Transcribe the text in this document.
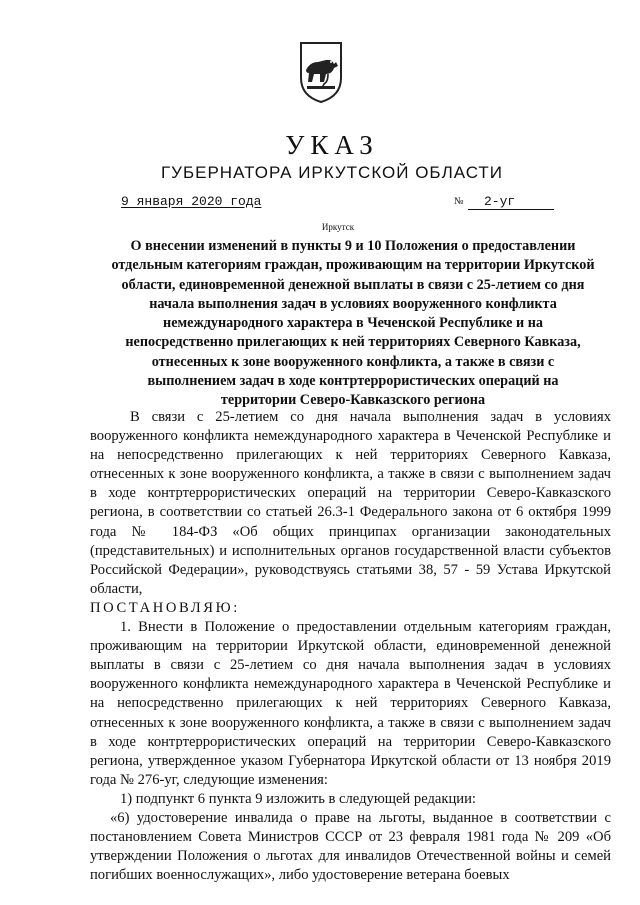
УКАЗ
ГУБЕРНАТОРА ИРКУТСКОЙ ОБЛАСТИ
9 января 2020 года	№	2-уг
Иркутск
О внесении изменений в пункты 9 и 10 Положения о предоставлении отдельным категориям граждан, проживающим на территории Иркутской области, единовременной денежной выплаты в связи с 25-летием со дня начала выполнения задач в условиях вооруженного конфликта немеждународного характера в Чеченской Республике и на непосредственно прилегающих к ней территориях Северного Кавказа, отнесенных к зоне вооруженного конфликта, а также в связи с выполнением задач в ходе контртеррористических операций на территории Северо-Кавказского региона

В связи с 25-летием со дня начала выполнения задач в условиях вооруженного конфликта немеждународного характера в Чеченской Республике и на непосредственно прилегающих к ней территориях Северного Кавказа, отнесенных к зоне вооруженного конфликта, а также в связи с выполнением задач в ходе контртеррористических операций на территории Северо-Кавказского региона, в соответствии со статьей 26.3-1 Федерального закона от 6 октября 1999 года № 184-ФЗ «Об общих принципах организации законодательных (представительных) и исполнительных органов государственной власти субъектов Российской Федерации», руководствуясь статьями 38, 57 - 59 Устава Иркутской области,

ПОСТАНОВЛЯЮ:

1. Внести в Положение о предоставлении отдельным категориям граждан, проживающим на территории Иркутской области, единовременной денежной выплаты в связи с 25-летием со дня начала выполнения задач в условиях вооруженного конфликта немеждународного характера в Чеченской Республике и на непосредственно прилегающих к ней территориях Северного Кавказа, отнесенных к зоне вооруженного конфликта, а также в связи с выполнением задач в ходе контртеррористических операций на территории Северо-Кавказского региона, утвержденное указом Губернатора Иркутской области от 13 ноября 2019 года № 276-уг, следующие изменения:

1) подпункт 6 пункта 9 изложить в следующей редакции:

«6) удостоверение инвалида о праве на льготы, выданное в соответствии с постановлением Совета Министров СССР от 23 февраля 1981 года № 209 «Об утверждении Положения о льготах для инвалидов Отечественной войны и семей погибших военнослужащих», либо удостоверение ветерана боевых
